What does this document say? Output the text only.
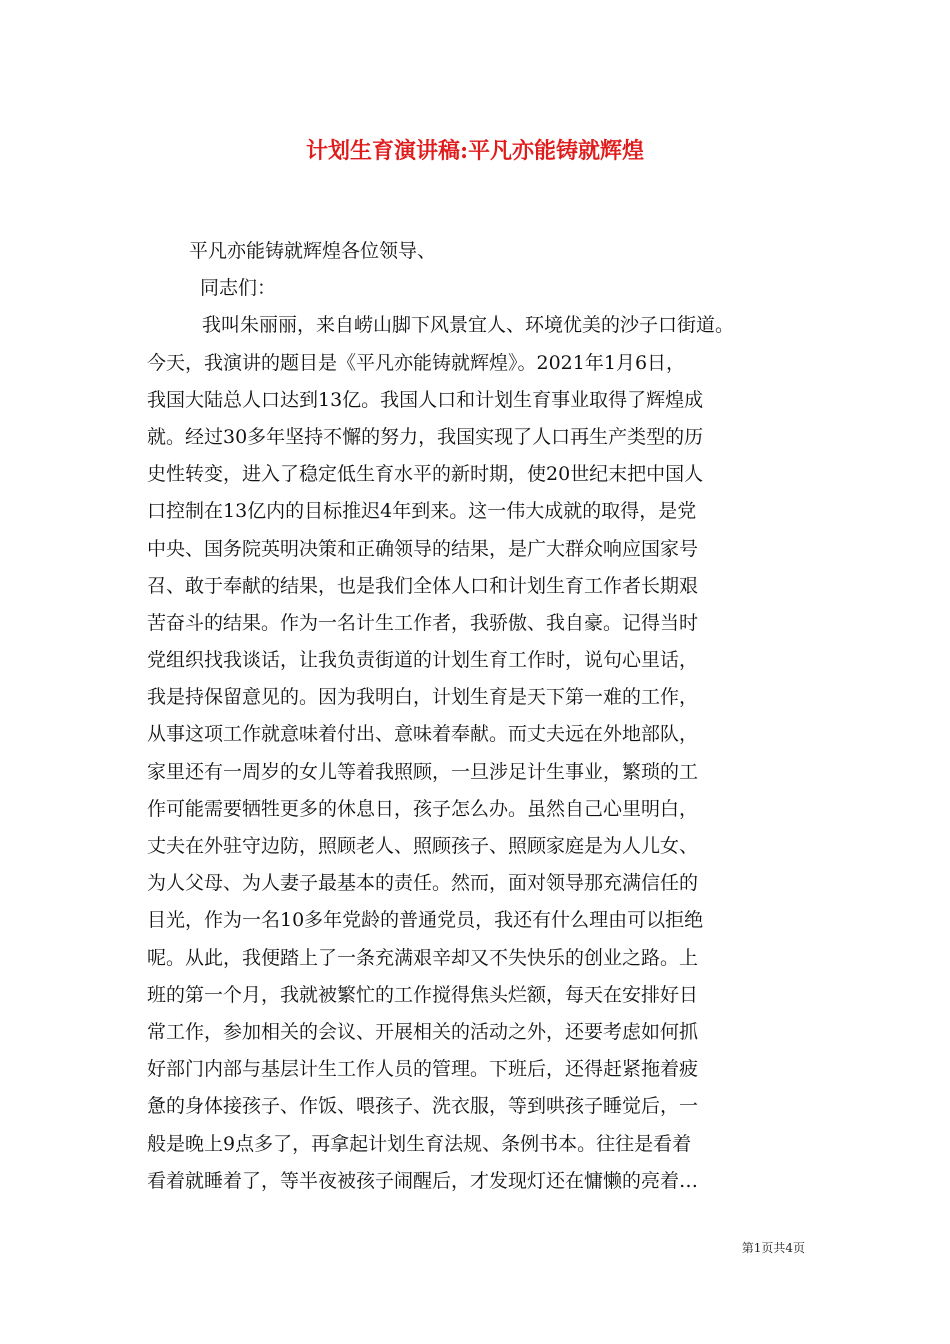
计划生育演讲稿:平凡亦能铸就辉煌
平凡亦能铸就辉煌各位领导、
同志们：
我叫朱丽丽，来自崂山脚下风景宜人、环境优美的沙子口街道。
今天，我演讲的题目是《平凡亦能铸就辉煌》。2021年1月6日，
我国大陆总人口达到13亿。我国人口和计划生育事业取得了辉煌成
就。经过30多年坚持不懈的努力，我国实现了人口再生产类型的历
史性转变，进入了稳定低生育水平的新时期，使20世纪末把中国人
口控制在13亿内的目标推迟4年到来。这一伟大成就的取得，是党
中央、国务院英明决策和正确领导的结果，是广大群众响应国家号
召、敢于奉献的结果，也是我们全体人口和计划生育工作者长期艰
苦奋斗的结果。作为一名计生工作者，我骄傲、我自豪。记得当时
党组织找我谈话，让我负责街道的计划生育工作时，说句心里话，
我是持保留意见的。因为我明白，计划生育是天下第一难的工作，
从事这项工作就意味着付出、意味着奉献。而丈夫远在外地部队，
家里还有一周岁的女儿等着我照顾，一旦涉足计生事业，繁琐的工
作可能需要牺牲更多的休息日，孩子怎么办。虽然自己心里明白，
丈夫在外驻守边防，照顾老人、照顾孩子、照顾家庭是为人儿女、
为人父母、为人妻子最基本的责任。然而，面对领导那充满信任的
目光，作为一名10多年党龄的普通党员，我还有什么理由可以拒绝
呢。从此，我便踏上了一条充满艰辛却又不失快乐的创业之路。上
班的第一个月，我就被繁忙的工作搅得焦头烂额，每天在安排好日
常工作，参加相关的会议、开展相关的活动之外，还要考虑如何抓
好部门内部与基层计生工作人员的管理。下班后，还得赶紧拖着疲
惫的身体接孩子、作饭、喂孩子、洗衣服，等到哄孩子睡觉后，一
般是晚上9点多了，再拿起计划生育法规、条例书本。往往是看着
看着就睡着了，等半夜被孩子闹醒后，才发现灯还在慵懒的亮着…
第1页共4页
